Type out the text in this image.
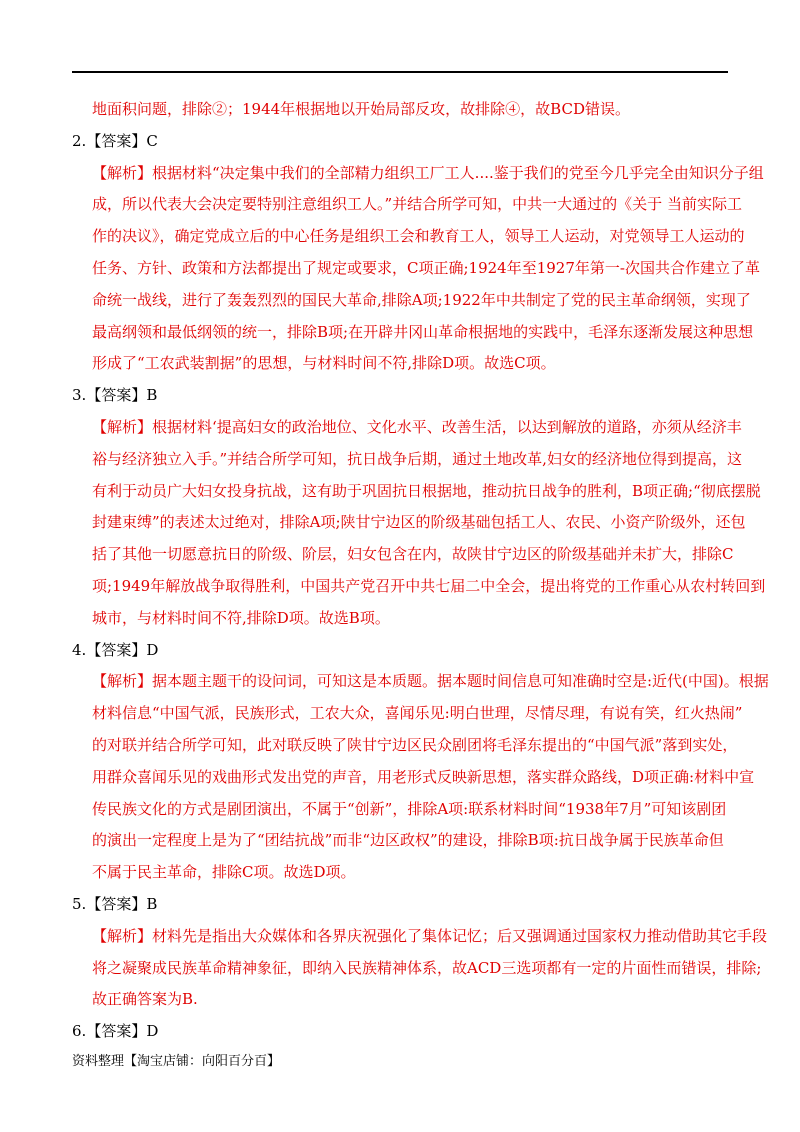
地面积问题，排除②；1944年根据地以开始局部反攻，故排除④，故BCD错误。
2.【答案】C
【解析】根据材料“决定集中我们的全部精力组织工厂工人....鉴于我们的党至今几乎完全由知识分子组
成，所以代表大会决定要特别注意组织工人。”并结合所学可知，中共一大通过的《关于 当前实际工
作的决议》，确定党成立后的中心任务是组织工会和教育工人，领导工人运动，对党领导工人运动的
任务、方针、政策和方法都提出了规定或要求，C项正确;1924年至1927年第一-次国共合作建立了革
命统一战线，进行了轰轰烈烈的国民大革命,排除A项;1922年中共制定了党的民主革命纲领，实现了
最高纲领和最低纲领的统一，排除B项;在开辟井冈山革命根据地的实践中，毛泽东逐渐发展这种思想
形成了“工农武装割据”的思想，与材料时间不符,排除D项。故选C项。
3.【答案】B
【解析】根据材料‘提高妇女的政治地位、文化水平、改善生活，以达到解放的道路，亦须从经济丰
裕与经济独立入手。”并结合所学可知，抗日战争后期，通过土地改革,妇女的经济地位得到提高，这
有利于动员广大妇女投身抗战，这有助于巩固抗日根据地，推动抗日战争的胜利，B项正确;“彻底摆脱
封建束缚”的表述太过绝对，排除A项;陕甘宁边区的阶级基础包括工人、农民、小资产阶级外，还包
括了其他一切愿意抗日的阶级、阶层，妇女包含在内，故陕甘宁边区的阶级基础并未扩大，排除C
项;1949年解放战争取得胜利，中国共产党召开中共七届二中全会，提出将党的工作重心从农村转回到
城市，与材料时间不符,排除D项。故选B项。
4.【答案】D
【解析】据本题主题干的设问词，可知这是本质题。据本题时间信息可知准确时空是:近代(中国)。根据
材料信息“中国气派，民族形式，工农大众，喜闻乐见:明白世理，尽情尽理，有说有笑，红火热闹”
的对联并结合所学可知，此对联反映了陕甘宁边区民众剧团将毛泽东提出的“中国气派”落到实处，
用群众喜闻乐见的戏曲形式发出党的声音，用老形式反映新思想，落实群众路线，D项正确:材料中宣
传民族文化的方式是剧团演出，不属于“创新”，排除A项:联系材料时间“1938年7月”可知该剧团
的演出一定程度上是为了“团结抗战”而非“边区政权”的建设，排除B项:抗日战争属于民族革命但
不属于民主革命，排除C项。故选D项。
5.【答案】B
【解析】材料先是指出大众媒体和各界庆祝强化了集体记忆；后又强调通过国家权力推动借助其它手段
将之凝聚成民族革命精神象征，即纳入民族精神体系，故ACD三选项都有一定的片面性而错误，排除;
故正确答案为B.
6.【答案】D
资料整理【淘宝店铺：向阳百分百】
